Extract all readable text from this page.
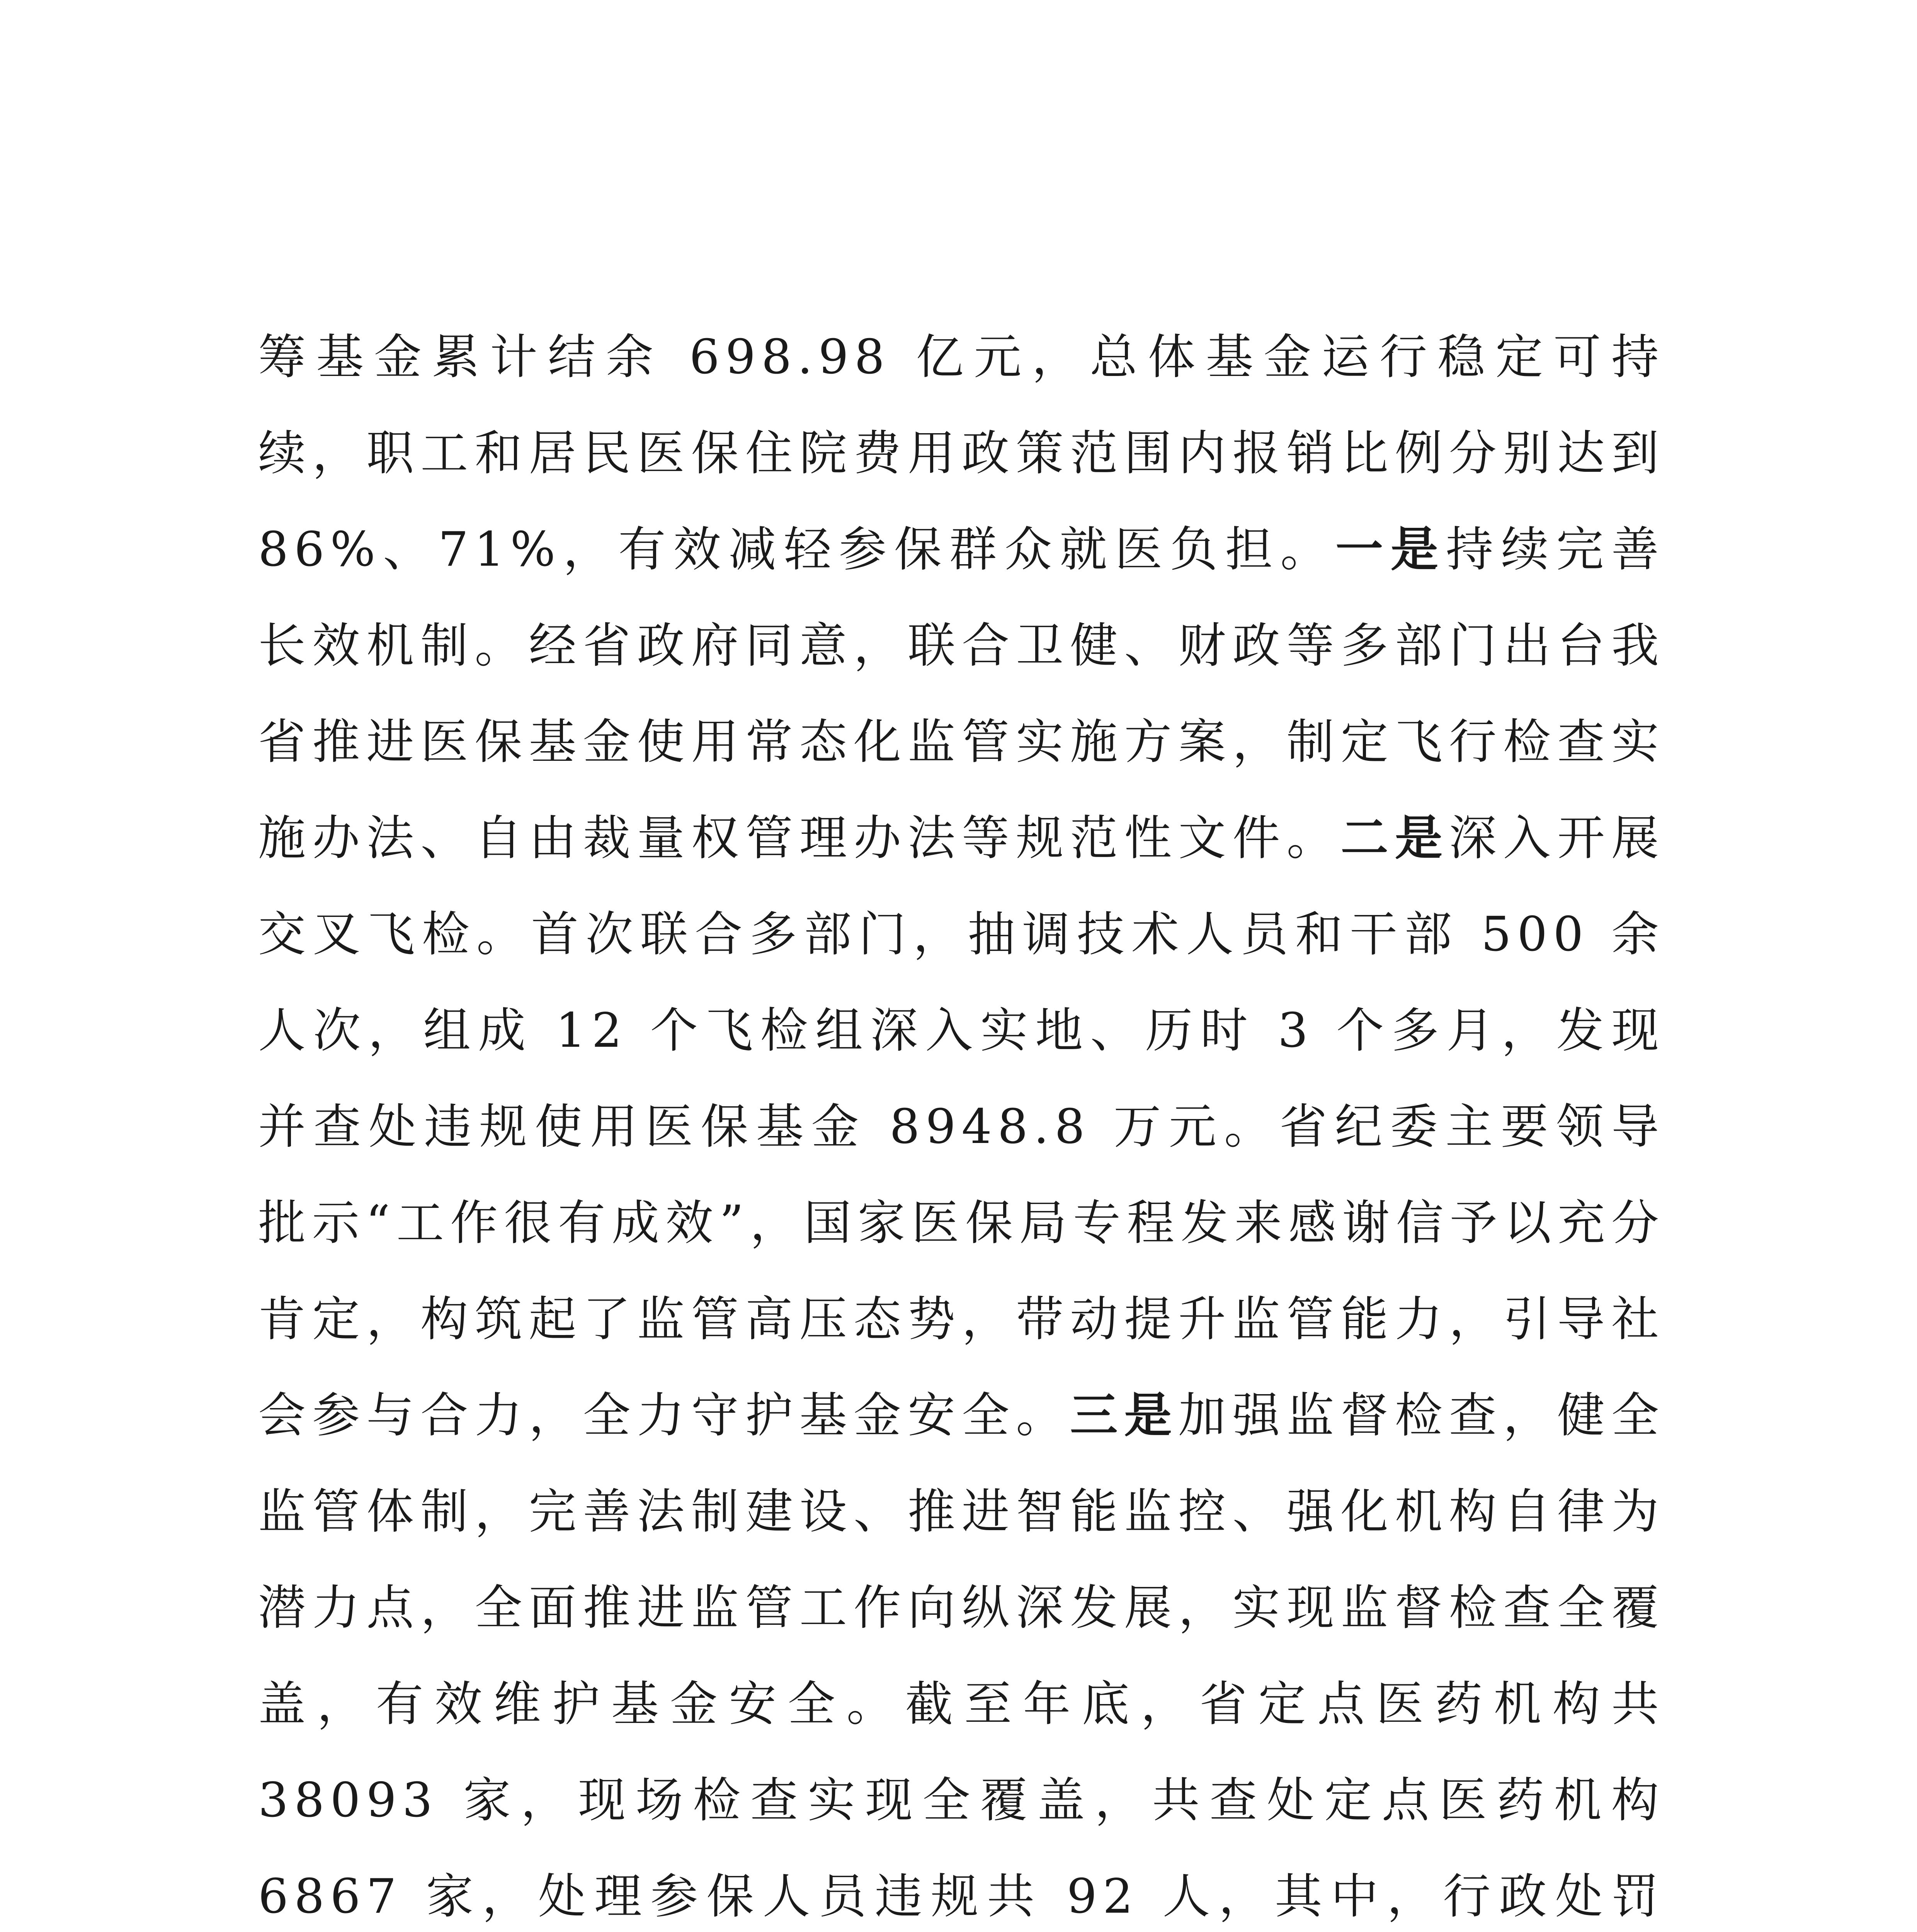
筹基金累计结余 698.98 亿元，总体基金运行稳定可持续，职工和居民医保住院费用政策范围内报销比例分别达到86%、71%，有效减轻参保群众就医负担。一是持续完善长效机制。经省政府同意，联合卫健、财政等多部门出台我省推进医保基金使用常态化监管实施方案，制定飞行检查实施办法、自由裁量权管理办法等规范性文件。二是深入开展交叉飞检。首次联合多部门，抽调技术人员和干部 500 余人次，组成 12 个飞检组深入实地、历时 3 个多月，发现并查处违规使用医保基金 8948.8 万元。省纪委主要领导批示“工作很有成效”，国家医保局专程发来感谢信予以充分肯定，构筑起了监管高压态势，带动提升监管能力，引导社会参与合力，全力守护基金安全。三是加强监督检查，健全监管体制，完善法制建设、推进智能监控、强化机构自律为潜力点，全面推进监管工作向纵深发展，实现监督检查全覆盖，有效维护基金安全。截至年底，省定点医药机构共 38093 家，现场检查实现全覆盖，共查处定点医药机构 6867 家，处理参保人员违规共 92 人，其中，行政处罚
